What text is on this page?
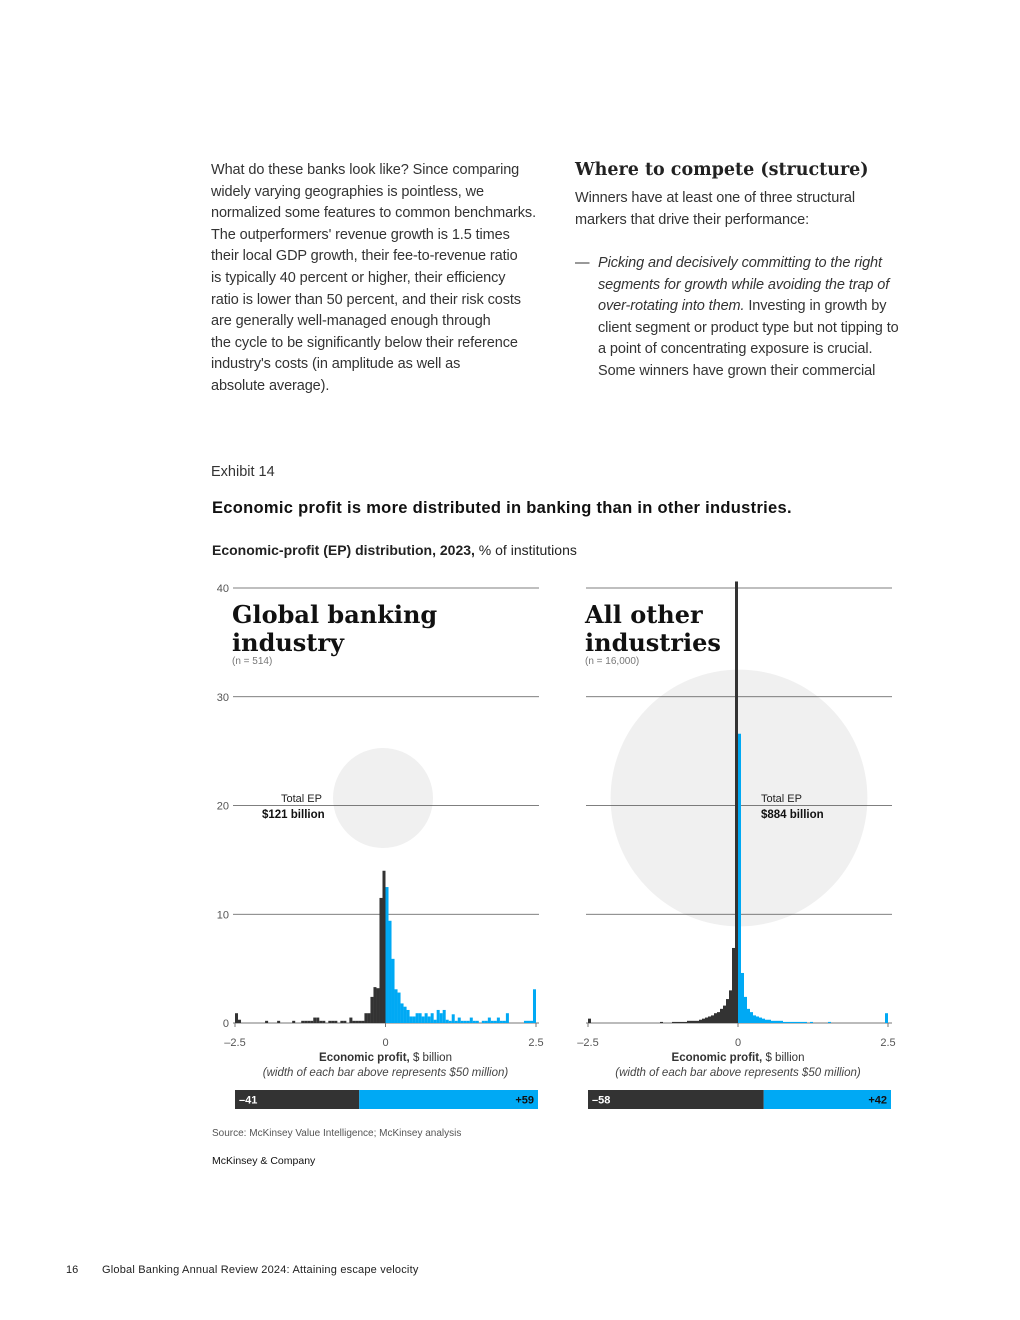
What do these banks look like? Since comparing
widely varying geographies is pointless, we
normalized some features to common benchmarks.
The outperformers' revenue growth is 1.5 times
their local GDP growth, their fee-to-revenue ratio
is typically 40 percent or higher, their efficiency
ratio is lower than 50 percent, and their risk costs
are generally well-managed enough through
the cycle to be significantly below their reference
industry's costs (in amplitude as well as
absolute average).
Where to compete (structure)
Winners have at least one of three structural
markers that drive their performance:
— Picking and decisively committing to the right
segments for growth while avoiding the trap of
over-rotating into them. Investing in growth by
client segment or product type but not tipping to
a point of concentrating exposure is crucial.
Some winners have grown their commercial
Exhibit 14
Economic profit is more distributed in banking than in other industries.
Economic-profit (EP) distribution, 2023, % of institutions
0
10
20
30
40
–2.5	0	2.5
Global banking
industry
(n = 514)
Total EP
$121 billion
Economic profit, $ billion
(width of each bar above represents $50 million)
–41	+59
–2.5	0	2.5
All other
industries
(n = 16,000)
Total EP
$884 billion
Economic profit, $ billion
(width of each bar above represents $50 million)
–58	+42
Source: McKinsey Value Intelligence; McKinsey analysis
McKinsey & Company
16 Global Banking Annual Review 2024: Attaining escape velocity
